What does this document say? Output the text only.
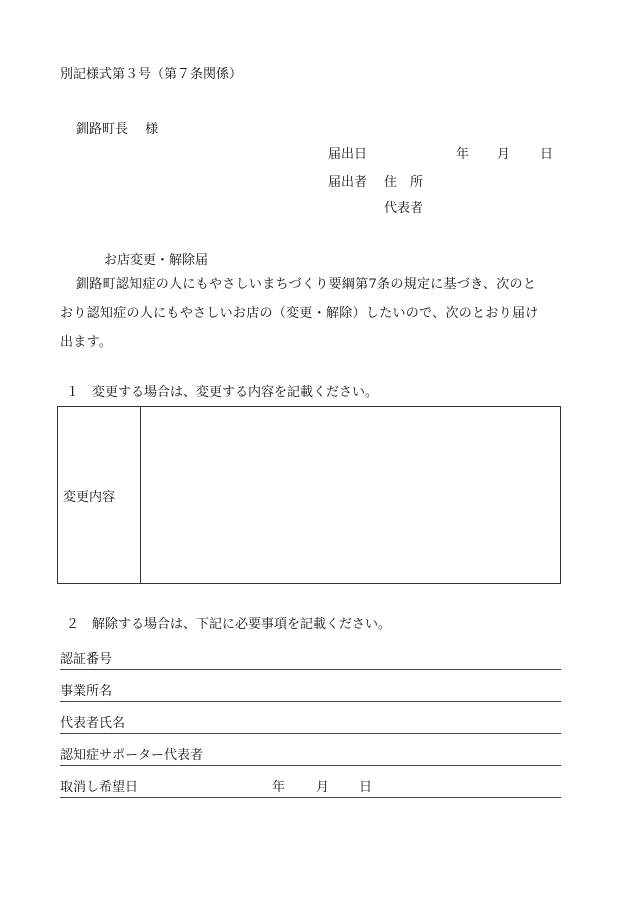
別記様式第３号（第７条関係）
釧路町長　 様
届出日	年 月 日
届出者 住　所
代表者
お店変更・解除届
釧路町認知症の人にもやさしいまちづくり要綱第7条の規定に基づき、次のと
おり認知症の人にもやさしいお店の（変更・解除）したいので、次のとおり届け
出ます。
１　変更する場合は、変更する内容を記載ください。
変更内容	
２　解除する場合は、下記に必要事項を記載ください。
認証番号
事業所名
代表者氏名
認知症サポーター代表者
取消し希望日	年 月 日
